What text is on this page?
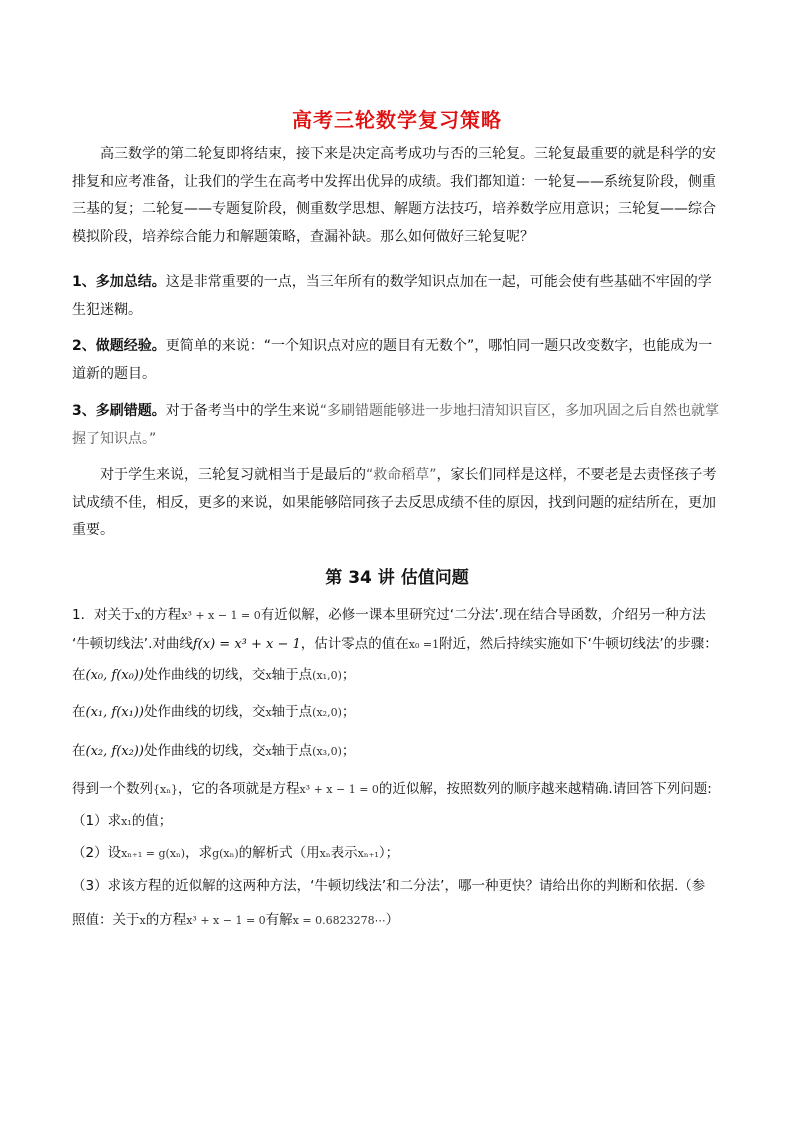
高考三轮数学复习策略
高三数学的第二轮复即将结束，接下来是决定高考成功与否的三轮复。三轮复最重要的就是科学的安排复和应考准备，让我们的学生在高考中发挥出优异的成绩。我们都知道：一轮复——系统复阶段，侧重三基的复；二轮复——专题复阶段，侧重数学思想、解题方法技巧，培养数学应用意识；三轮复——综合模拟阶段，培养综合能力和解题策略，查漏补缺。那么如何做好三轮复呢？
1、多加总结。这是非常重要的一点，当三年所有的数学知识点加在一起，可能会使有些基础不牢固的学生犯迷糊。
2、做题经验。更简单的来说：“一个知识点对应的题目有无数个”，哪怕同一题只改变数字，也能成为一道新的题目。
3、多刷错题。对于备考当中的学生来说“多刷错题能够进一步地扫清知识盲区，多加巩固之后自然也就掌握了知识点。”
对于学生来说，三轮复习就相当于是最后的“救命稻草”，家长们同样是这样，不要老是去责怪孩子考试成绩不佳，相反，更多的来说，如果能够陪同孩子去反思成绩不佳的原因，找到问题的症结所在，更加重要。
第 34 讲 估值问题
1．对关于x的方程x³ + x − 1 = 0有近似解，必修一课本里研究过‘二分法’.现在结合导函数，介绍另一种方法
‘牛顿切线法’.对曲线f(x) = x³ + x − 1，估计零点的值在x₀ =1附近，然后持续实施如下‘牛顿切线法’的步骤：
在(x₀, f(x₀))处作曲线的切线，交x轴于点(x₁,0)；
在(x₁, f(x₁))处作曲线的切线，交x轴于点(x₂,0)；
在(x₂, f(x₂))处作曲线的切线，交x轴于点(x₃,0)；
得到一个数列{xₙ}，它的各项就是方程x³ + x − 1 = 0的近似解，按照数列的顺序越来越精确.请回答下列问题:
（1）求x₁的值；
（2）设xₙ₊₁ = g(xₙ)，求g(xₙ)的解析式（用xₙ表示xₙ₊₁）；
（3）求该方程的近似解的这两种方法，‘牛顿切线法’和二分法’，哪一种更快？请给出你的判断和依据.（参
照值：关于x的方程x³ + x − 1 = 0有解x = 0.6823278⋯）
